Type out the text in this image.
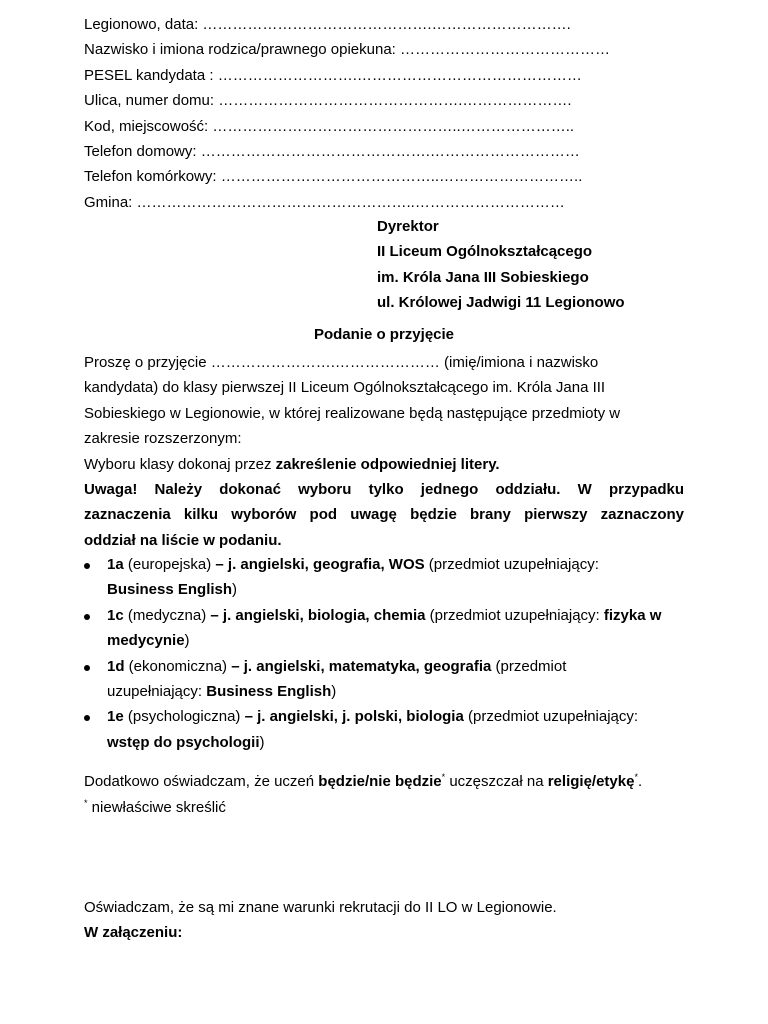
Legionowo, data: ……………………………………….……………………….
Nazwisko i imiona rodzica/prawnego opiekuna: ……………………………………
PESEL kandydata : ……………………….………………………………………
Ulica, numer domu: ………………………………………….………………….
Kod, miejscowość: …………………………………………..…………………..
Telefon domowy: ……………………………………….…………………………
Telefon komórkowy: ……………………………………..………………………..
Gmina: ………………………………………………..…………………………
Dyrektor
II Liceum Ogólnokształcącego
im. Króla Jana III Sobieskiego
ul. Królowej Jadwigi 11 Legionowo
Podanie o przyjęcie
Proszę o przyjęcie …………………….………………… (imię/imiona i nazwisko
kandydata) do klasy pierwszej II Liceum Ogólnokształcącego im. Króla Jana III
Sobieskiego w Legionowie, w której realizowane będą następujące przedmioty w
zakresie rozszerzonym:
Wyboru klasy dokonaj przez zakreślenie odpowiedniej litery.
Uwaga! Należy dokonać wyboru tylko jednego oddziału. W przypadku
zaznaczenia kilku wyborów pod uwagę będzie brany pierwszy zaznaczony
oddział na liście w podaniu.
1a (europejska) – j. angielski, geografia, WOS (przedmiot uzupełniający:
Business English)
1c (medyczna) – j. angielski, biologia, chemia (przedmiot uzupełniający: fizyka w
medycynie)
1d (ekonomiczna) – j. angielski, matematyka, geografia (przedmiot
uzupełniający: Business English)
1e (psychologiczna) – j. angielski, j. polski, biologia (przedmiot uzupełniający:
wstęp do psychologii)
Dodatkowo oświadczam, że uczeń będzie/nie będzie* uczęszczał na religię/etykę*.
* niewłaściwe skreślić
Oświadczam, że są mi znane warunki rekrutacji do II LO w Legionowie.
W załączeniu:
